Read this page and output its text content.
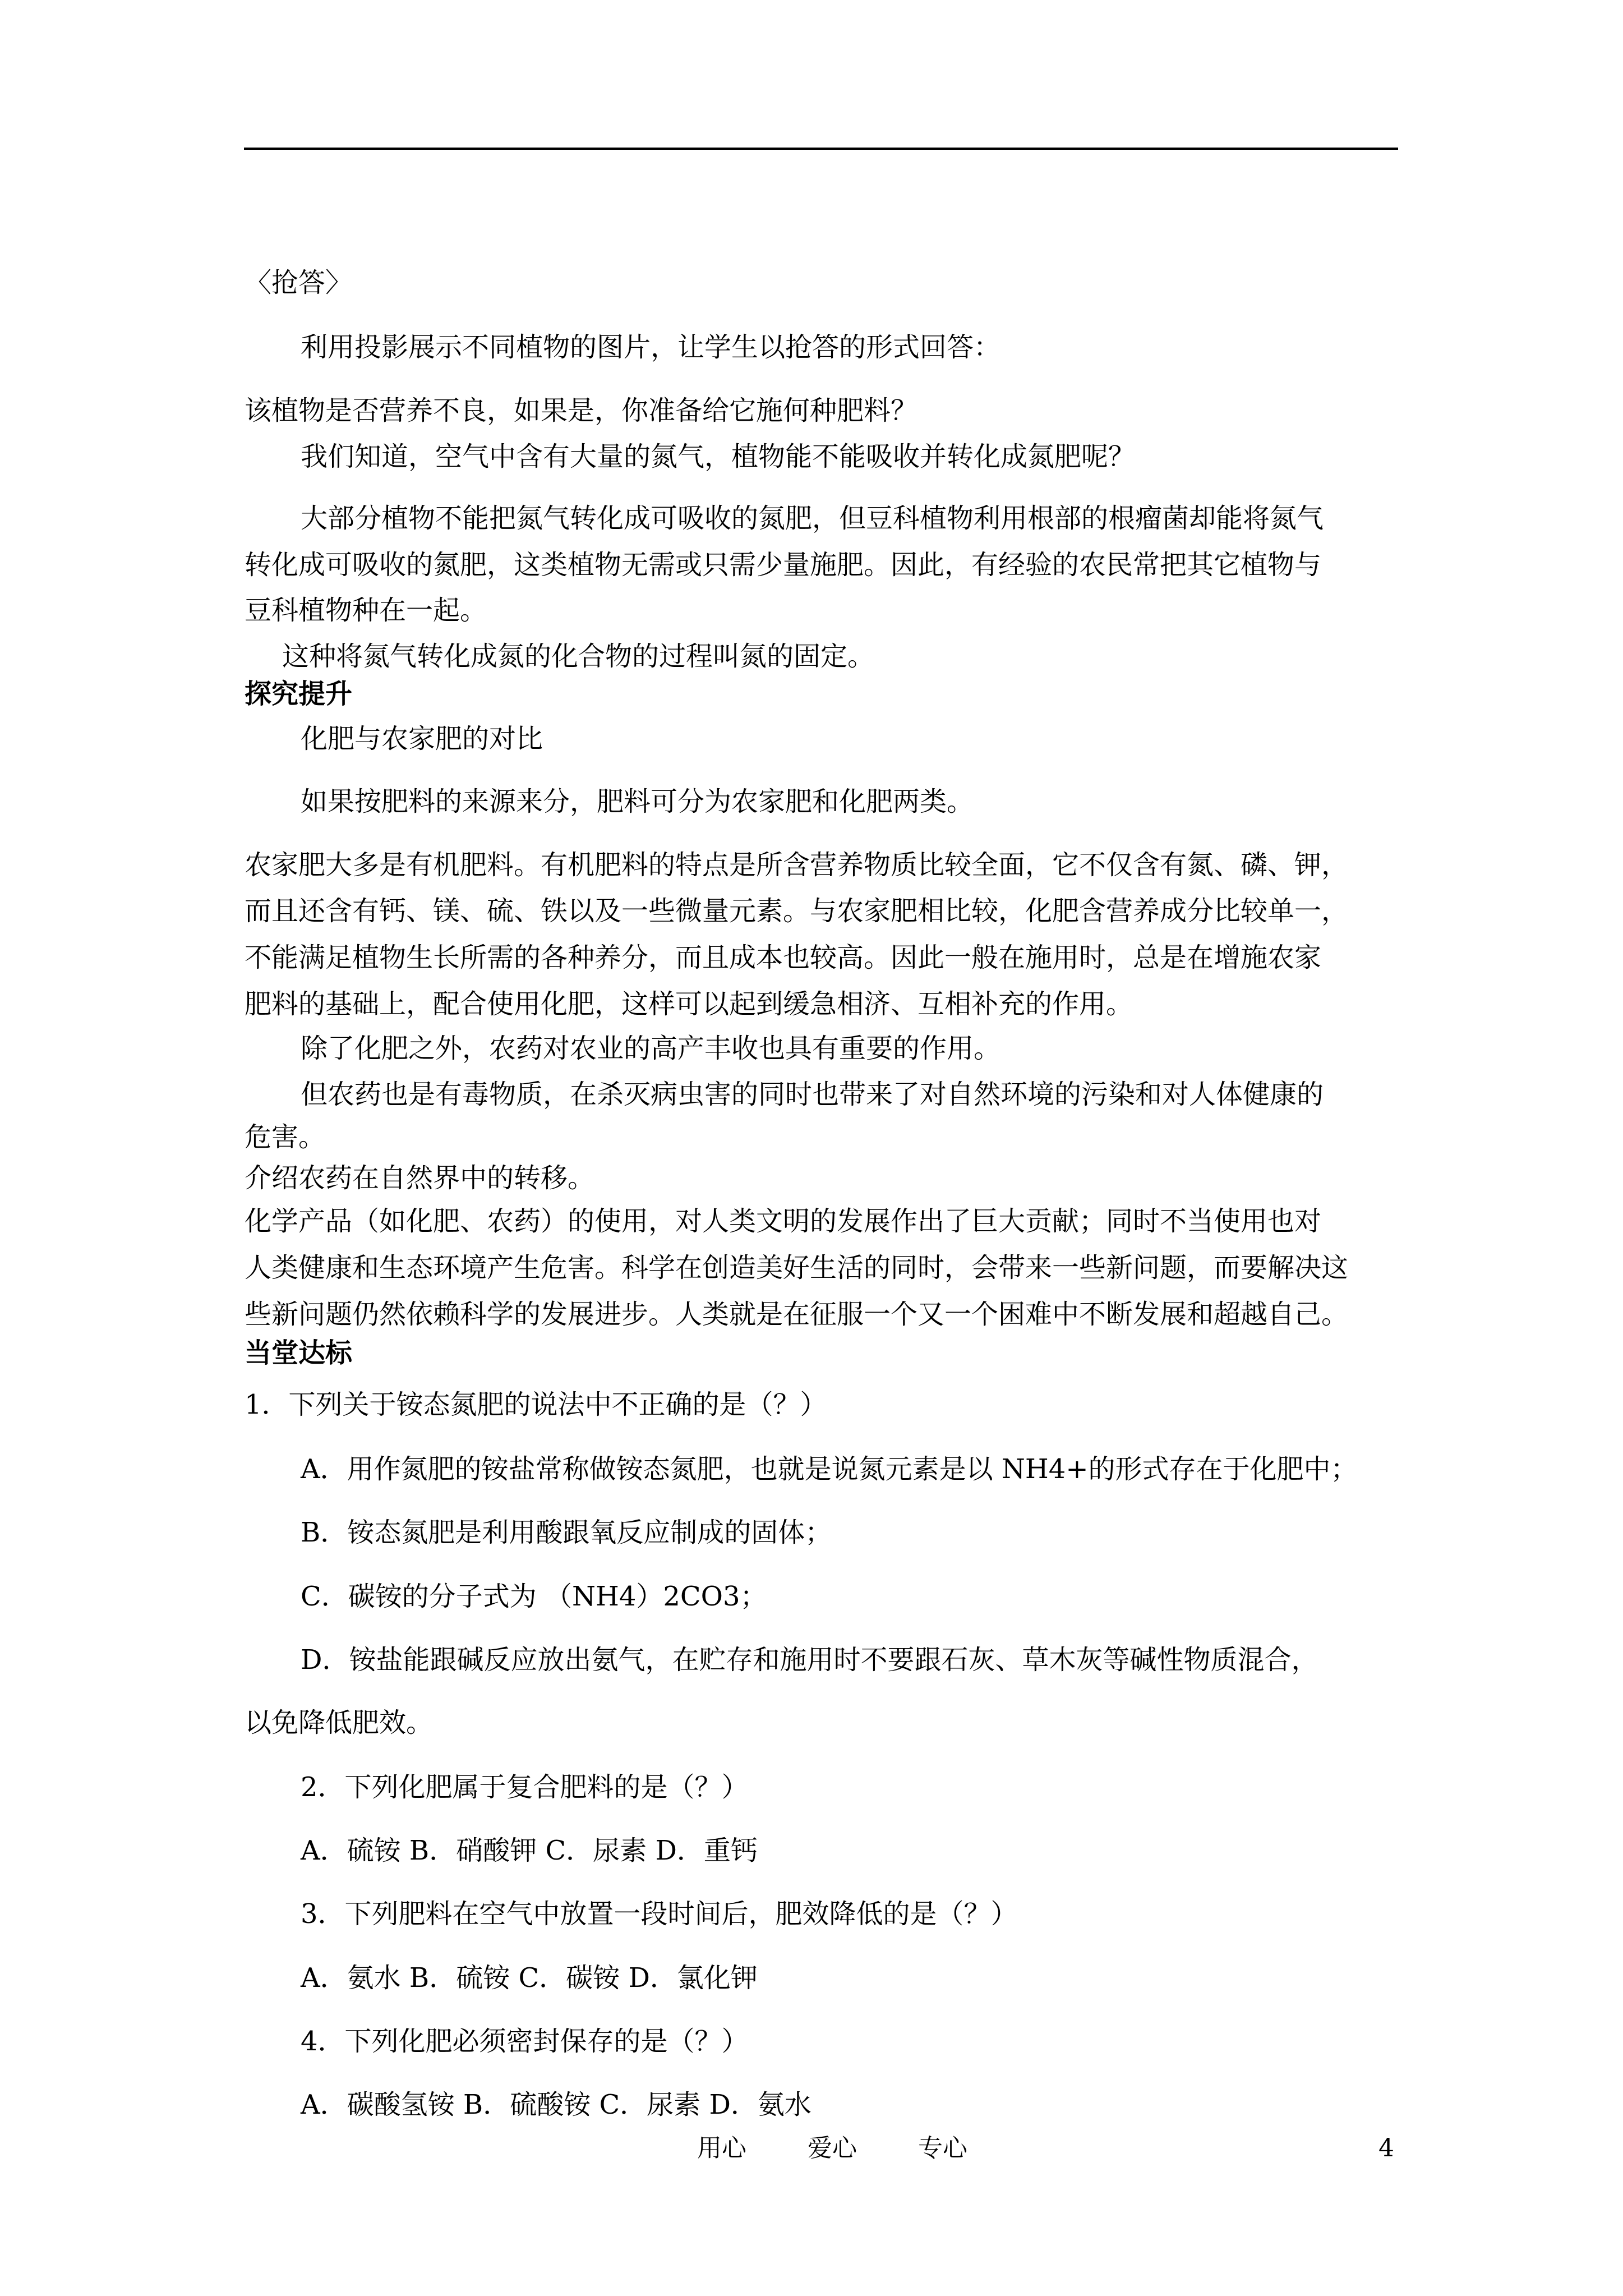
〈抢答〉
利用投影展示不同植物的图片，让学生以抢答的形式回答：
该植物是否营养不良，如果是，你准备给它施何种肥料？
我们知道，空气中含有大量的氮气，植物能不能吸收并转化成氮肥呢？
大部分植物不能把氮气转化成可吸收的氮肥，但豆科植物利用根部的根瘤菌却能将氮气
转化成可吸收的氮肥，这类植物无需或只需少量施肥。因此，有经验的农民常把其它植物与
豆科植物种在一起。
这种将氮气转化成氮的化合物的过程叫氮的固定。
探究提升
化肥与农家肥的对比
如果按肥料的来源来分，肥料可分为农家肥和化肥两类。
农家肥大多是有机肥料。有机肥料的特点是所含营养物质比较全面，它不仅含有氮、磷、钾，
而且还含有钙、镁、硫、铁以及一些微量元素。与农家肥相比较，化肥含营养成分比较单一，
不能满足植物生长所需的各种养分，而且成本也较高。因此一般在施用时，总是在增施农家
肥料的基础上，配合使用化肥，这样可以起到缓急相济、互相补充的作用。
除了化肥之外，农药对农业的高产丰收也具有重要的作用。
但农药也是有毒物质，在杀灭病虫害的同时也带来了对自然环境的污染和对人体健康的
危害。
介绍农药在自然界中的转移。
化学产品（如化肥、农药）的使用，对人类文明的发展作出了巨大贡献；同时不当使用也对
人类健康和生态环境产生危害。科学在创造美好生活的同时，会带来一些新问题，而要解决这
些新问题仍然依赖科学的发展进步。人类就是在征服一个又一个困难中不断发展和超越自己。
当堂达标
1．下列关于铵态氮肥的说法中不正确的是（？）
A．用作氮肥的铵盐常称做铵态氮肥，也就是说氮元素是以 NH4+的形式存在于化肥中；
B．铵态氮肥是利用酸跟氧反应制成的固体；
C．碳铵的分子式为 （NH4）2CO3；
D．铵盐能跟碱反应放出氨气，在贮存和施用时不要跟石灰、草木灰等碱性物质混合，
以免降低肥效。
2．下列化肥属于复合肥料的是（？）
A．硫铵 B．硝酸钾 C．尿素 D．重钙
3．下列肥料在空气中放置一段时间后，肥效降低的是（？）
A．氨水 B．硫铵 C．碳铵 D．氯化钾
4．下列化肥必须密封保存的是（？）
A．碳酸氢铵 B．硫酸铵 C．尿素 D．氨水
用心 爱心 专心	4
